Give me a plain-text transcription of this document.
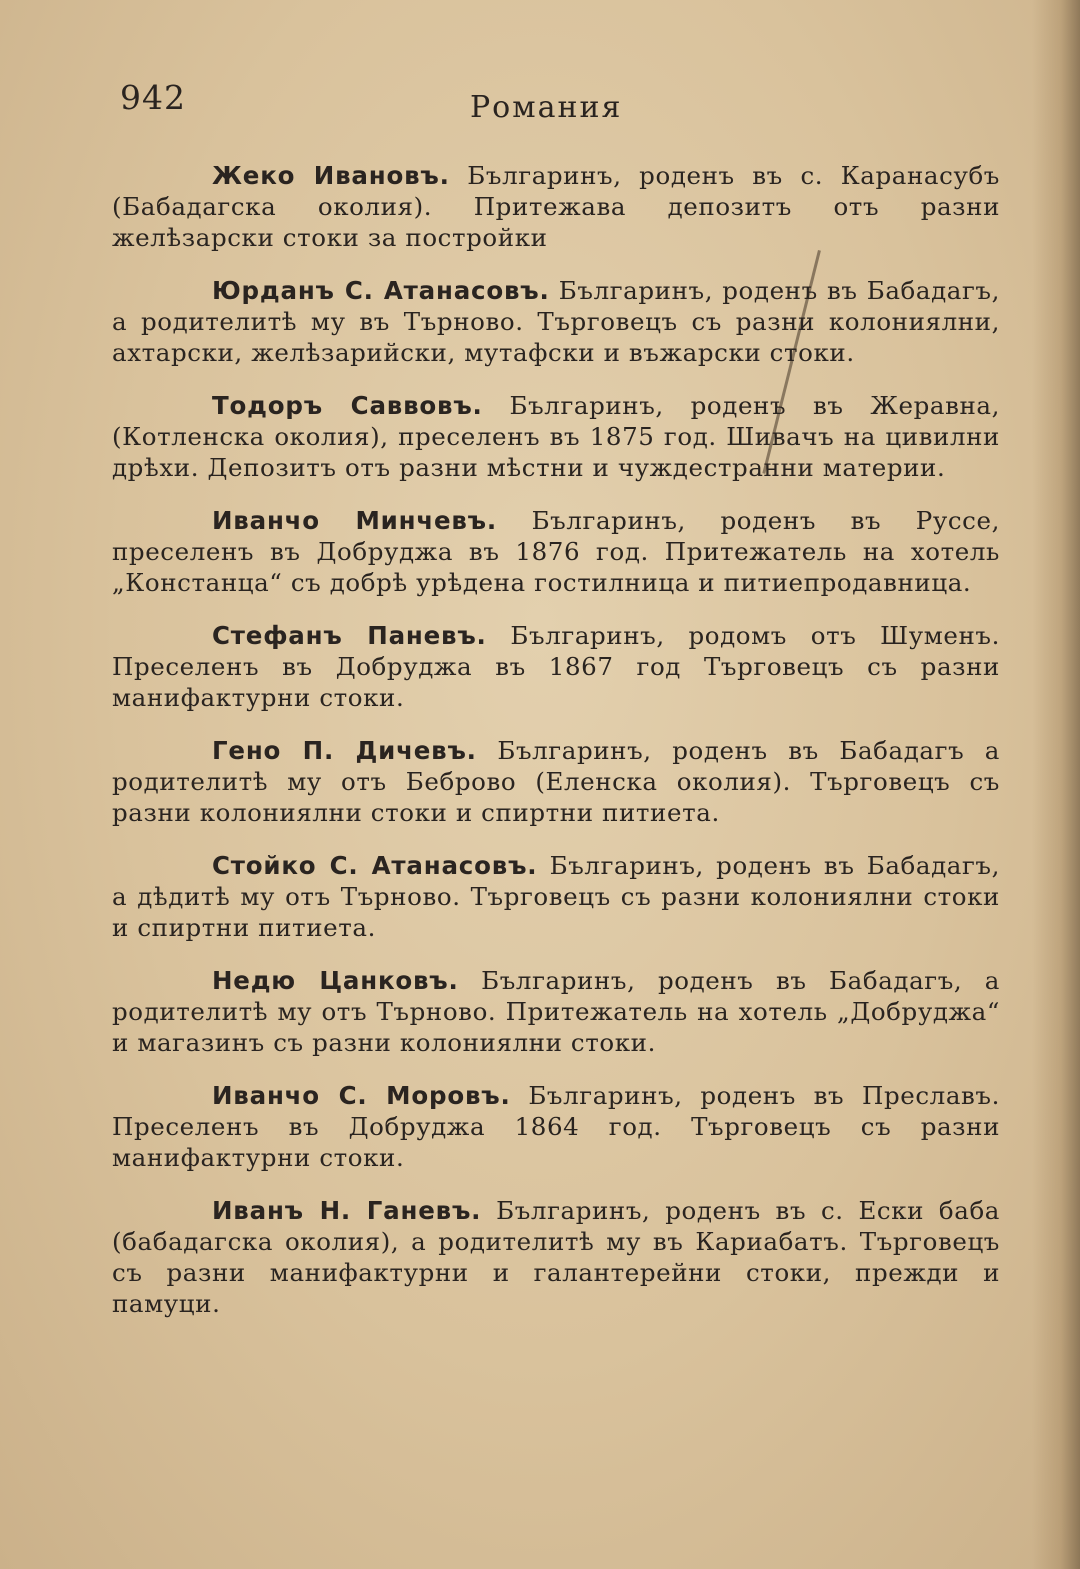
942	Романия

Жеко Ивановъ. Българинъ, роденъ въ с. Каранасубъ (Бабадагска околия). Притежава депозитъ отъ разни желѣзарски стоки за постройки

Юрданъ С. Атанасовъ. Българинъ, роденъ въ Бабадагъ, а родителитѣ му въ Търново. Търговецъ съ разни колониялни, ахтарски, желѣзарийски, мутафски и въжарски стоки.

Тодоръ Саввовъ. Българинъ, роденъ въ Жеравна, (Котленска околия), преселенъ въ 1875 год. Шивачъ на цивилни дрѣхи. Депозитъ отъ разни мѣстни и чуждестранни материи.

Иванчо Минчевъ. Българинъ, роденъ въ Руссе, преселенъ въ Добруджа въ 1876 год. Притежатель на хотель „Констанца“ съ добрѣ урѣдена гостилница и питиепродавница.

Стефанъ Паневъ. Българинъ, родомъ отъ Шуменъ. Преселенъ въ Добруджа въ 1867 год Търговецъ съ разни манифактурни стоки.

Гено П. Дичевъ. Българинъ, роденъ въ Бабадагъ а родителитѣ му отъ Беброво (Еленска околия). Търговецъ съ разни колониялни стоки и спиртни питиета.

Стойко С. Атанасовъ. Българинъ, роденъ въ Бабадагъ, а дѣдитѣ му отъ Търново. Търговецъ съ разни колониялни стоки и спиртни питиета.

Недю Цанковъ. Българинъ, роденъ въ Бабадагъ, а родителитѣ му отъ Търново. Притежатель на хотель „Добруджа“ и магазинъ съ разни колониялни стоки.

Иванчо С. Моровъ. Българинъ, роденъ въ Преславъ. Преселенъ въ Добруджа 1864 год. Търговецъ съ разни манифактурни стоки.

Иванъ Н. Ганевъ. Българинъ, роденъ въ с. Ески баба (бабадагска околия), а родителитѣ му въ Кариабатъ. Търговецъ съ разни манифактурни и галантерейни стоки, прежди и памуци.
